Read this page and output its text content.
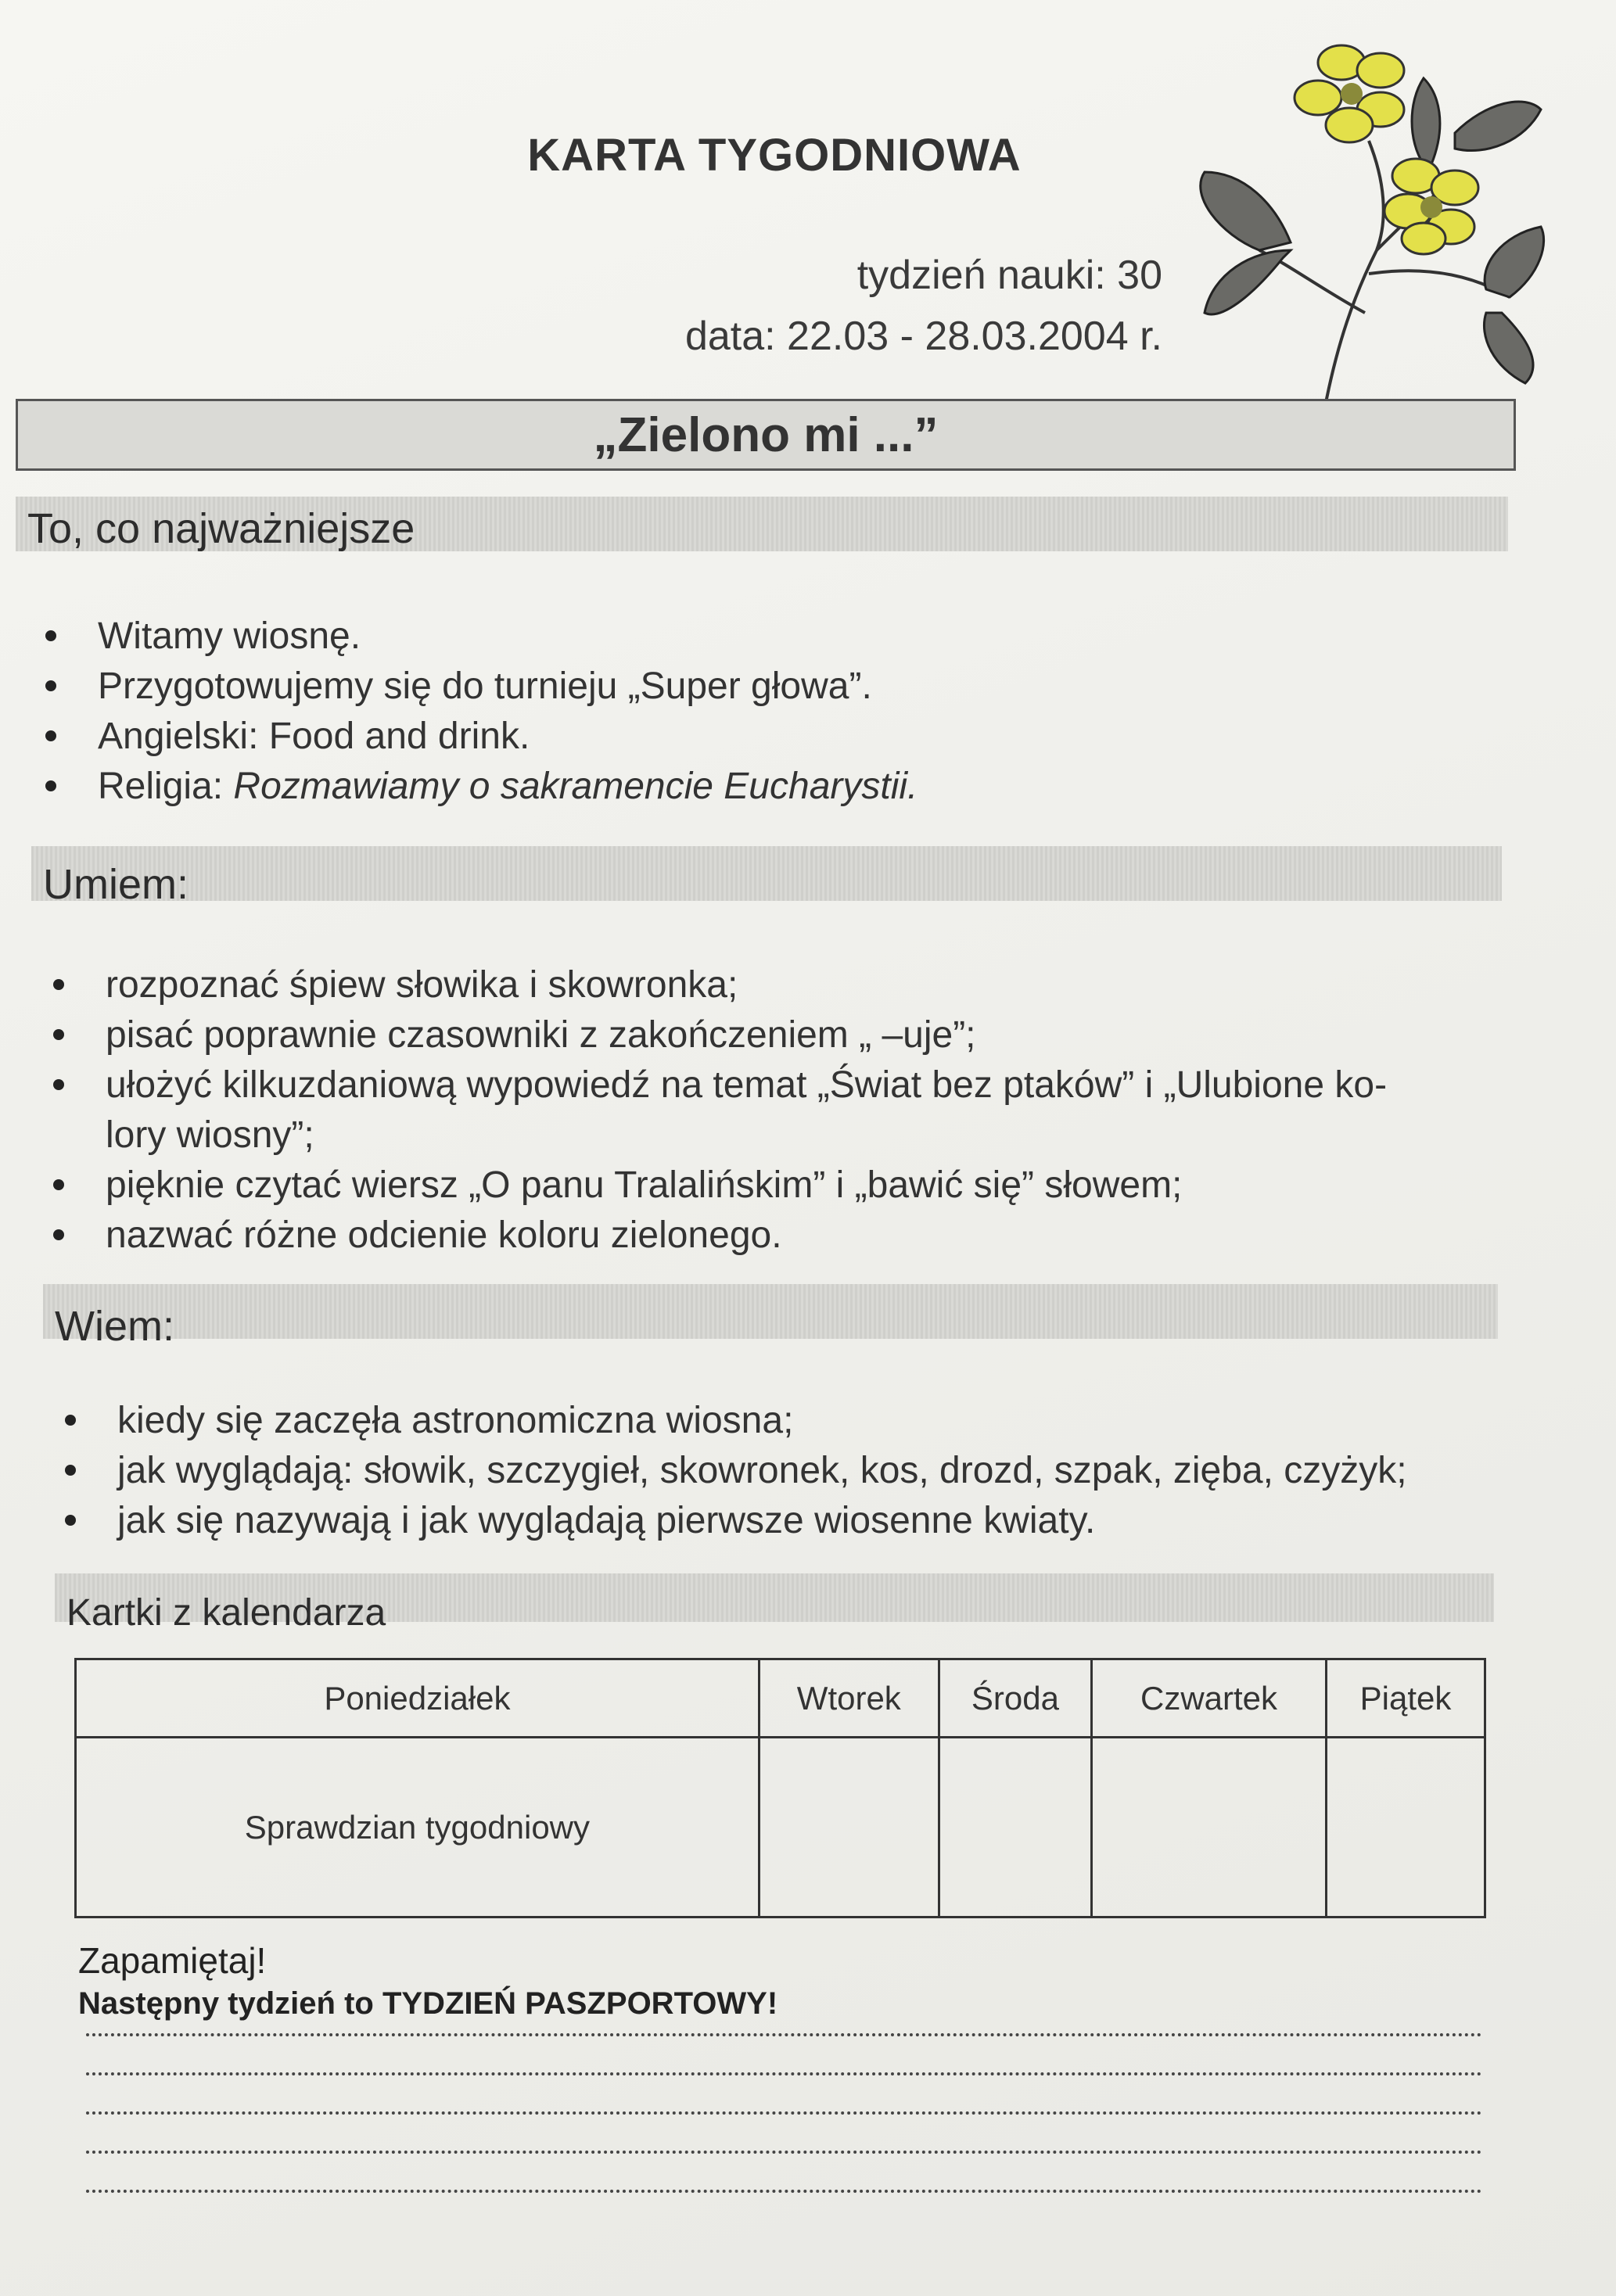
KARTA TYGODNIOWA
tydzień nauki: 30
data: 22.03 - 28.03.2004 r.
„Zielono mi ...”
To, co najważniejsze
Witamy wiosnę.
Przygotowujemy się do turnieju „Super głowa”.
Angielski: Food and drink.
Religia: Rozmawiamy o sakramencie Eucharystii.
Umiem:
rozpoznać śpiew słowika i skowronka;
pisać poprawnie czasowniki z zakończeniem „ –uje”;
ułożyć kilkuzdaniową wypowiedź na temat „Świat bez ptaków” i „Ulubione ko-
lory wiosny”;
pięknie czytać wiersz „O panu Tralalińskim” i „bawić się” słowem;
nazwać różne odcienie koloru zielonego.
Wiem:
kiedy się zaczęła astronomiczna wiosna;
jak wyglądają: słowik, szczygieł, skowronek, kos, drozd, szpak, zięba, czyżyk;
jak się nazywają i jak wyglądają pierwsze wiosenne kwiaty.
Kartki z kalendarza
Poniedziałek	Wtorek	Środa	Czwartek	Piątek
Sprawdzian tygodniowy				
Zapamiętaj!
Następny tydzień to TYDZIEŃ PASZPORTOWY!
